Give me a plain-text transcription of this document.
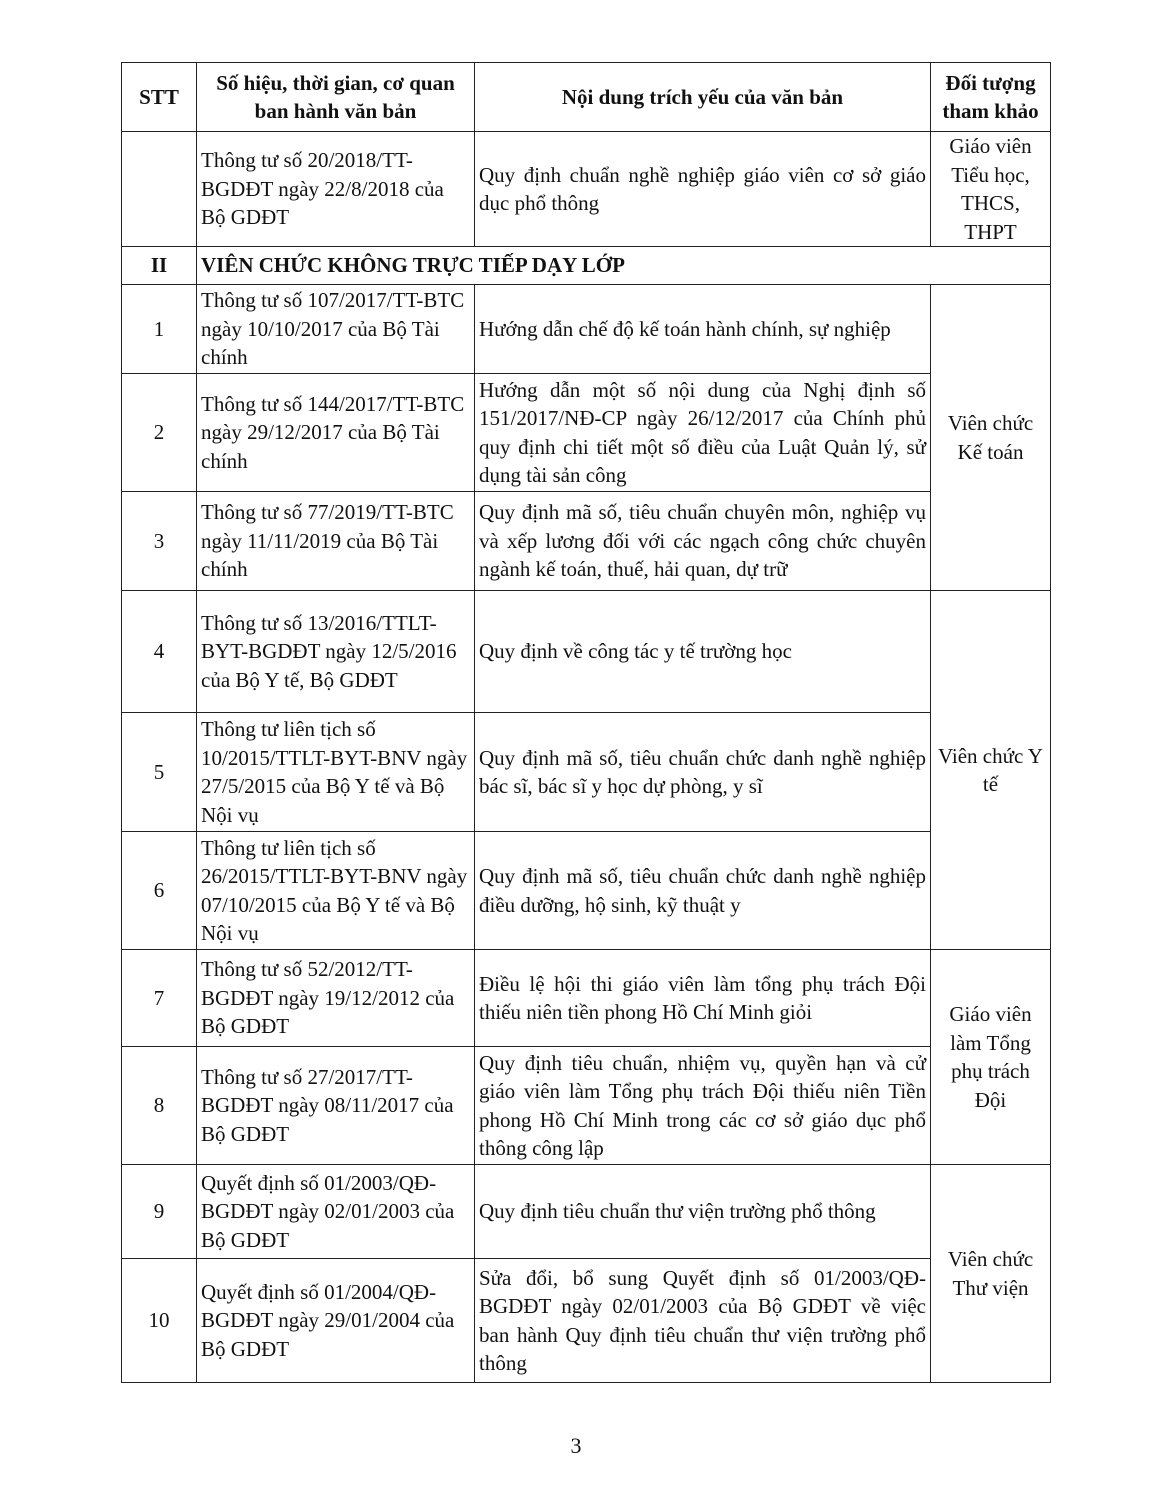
STT	Số hiệu, thời gian, cơ quan ban hành văn bản	Nội dung trích yếu của văn bản	Đối tượng tham khảo
	Thông tư số 20/2018/TT-BGDĐT ngày 22/8/2018 của Bộ GDĐT	Quy định chuẩn nghề nghiệp giáo viên cơ sở giáo dục phổ thông	Giáo viên Tiểu học, THCS, THPT
II	VIÊN CHỨC KHÔNG TRỰC TIẾP DẠY LỚP		
1	Thông tư số 107/2017/TT-BTC ngày 10/10/2017 của Bộ Tài chính	Hướng dẫn chế độ kế toán hành chính, sự nghiệp	Viên chức Kế toán
2	Thông tư số 144/2017/TT-BTC ngày 29/12/2017 của Bộ Tài chính	Hướng dẫn một số nội dung của Nghị định số 151/2017/NĐ-CP ngày 26/12/2017 của Chính phủ quy định chi tiết một số điều của Luật Quản lý, sử dụng tài sản công	
3	Thông tư số 77/2019/TT-BTC ngày 11/11/2019 của Bộ Tài chính	Quy định mã số, tiêu chuẩn chuyên môn, nghiệp vụ và xếp lương đối với các ngạch công chức chuyên ngành kế toán, thuế, hải quan, dự trữ	
4	Thông tư số 13/2016/TTLT-BYT-BGDĐT ngày 12/5/2016 của Bộ Y tế, Bộ GDĐT	Quy định về công tác y tế trường học	Viên chức Y tế
5	Thông tư liên tịch số 10/2015/TTLT-BYT-BNV ngày 27/5/2015 của Bộ Y tế và Bộ Nội vụ	Quy định mã số, tiêu chuẩn chức danh nghề nghiệp bác sĩ, bác sĩ y học dự phòng, y sĩ	
6	Thông tư liên tịch số 26/2015/TTLT-BYT-BNV ngày 07/10/2015 của Bộ Y tế và Bộ Nội vụ	Quy định mã số, tiêu chuẩn chức danh nghề nghiệp điều dưỡng, hộ sinh, kỹ thuật y	
7	Thông tư số 52/2012/TT-BGDĐT ngày 19/12/2012 của Bộ GDĐT	Điều lệ hội thi giáo viên làm tổng phụ trách Đội thiếu niên tiền phong Hồ Chí Minh giỏi	Giáo viên làm Tổng phụ trách Đội
8	Thông tư số 27/2017/TT-BGDĐT ngày 08/11/2017 của Bộ GDĐT	Quy định tiêu chuẩn, nhiệm vụ, quyền hạn và cử giáo viên làm Tổng phụ trách Đội thiếu niên Tiền phong Hồ Chí Minh trong các cơ sở giáo dục phổ thông công lập	
9	Quyết định số 01/2003/QĐ-BGDĐT ngày 02/01/2003 của Bộ GDĐT	Quy định tiêu chuẩn thư viện trường phổ thông	Viên chức Thư viện
10	Quyết định số 01/2004/QĐ-BGDĐT ngày 29/01/2004 của Bộ GDĐT	Sửa đổi, bổ sung Quyết định số 01/2003/QĐ-BGDĐT ngày 02/01/2003 của Bộ GDĐT về việc ban hành Quy định tiêu chuẩn thư viện trường phổ thông	
3
